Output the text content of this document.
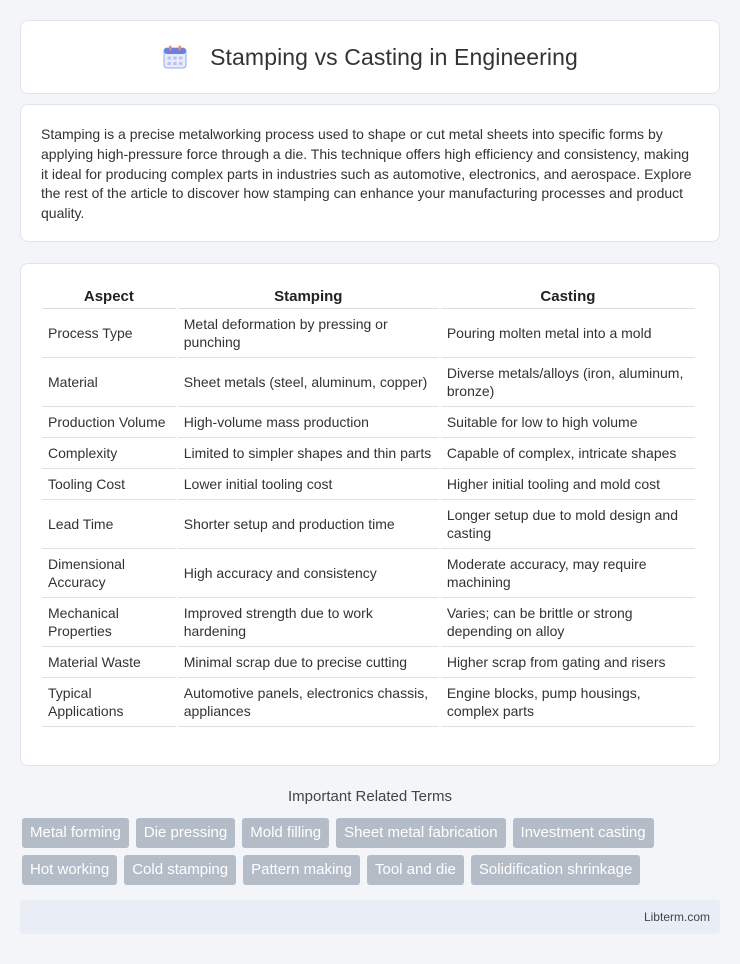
Stamping vs Casting in Engineering

Stamping is a precise metalworking process used to shape or cut metal sheets into specific forms by applying high-pressure force through a die. This technique offers high efficiency and consistency, making it ideal for producing complex parts in industries such as automotive, electronics, and aerospace. Explore the rest of the article to discover how stamping can enhance your manufacturing processes and product quality.

Aspect	Stamping	Casting
Process Type	Metal deformation by pressing or punching	Pouring molten metal into a mold
Material	Sheet metals (steel, aluminum, copper)	Diverse metals/alloys (iron, aluminum, bronze)
Production Volume	High-volume mass production	Suitable for low to high volume
Complexity	Limited to simpler shapes and thin parts	Capable of complex, intricate shapes
Tooling Cost	Lower initial tooling cost	Higher initial tooling and mold cost
Lead Time	Shorter setup and production time	Longer setup due to mold design and casting
Dimensional Accuracy	High accuracy and consistency	Moderate accuracy, may require machining
Mechanical Properties	Improved strength due to work hardening	Varies; can be brittle or strong depending on alloy
Material Waste	Minimal scrap due to precise cutting	Higher scrap from gating and risers
Typical Applications	Automotive panels, electronics chassis, appliances	Engine blocks, pump housings, complex parts
Important Related Terms
Metal forming	Die pressing	Mold filling	Sheet metal fabrication	Investment casting
Hot working	Cold stamping	Pattern making	Tool and die	Solidification shrinkage
Libterm.com
